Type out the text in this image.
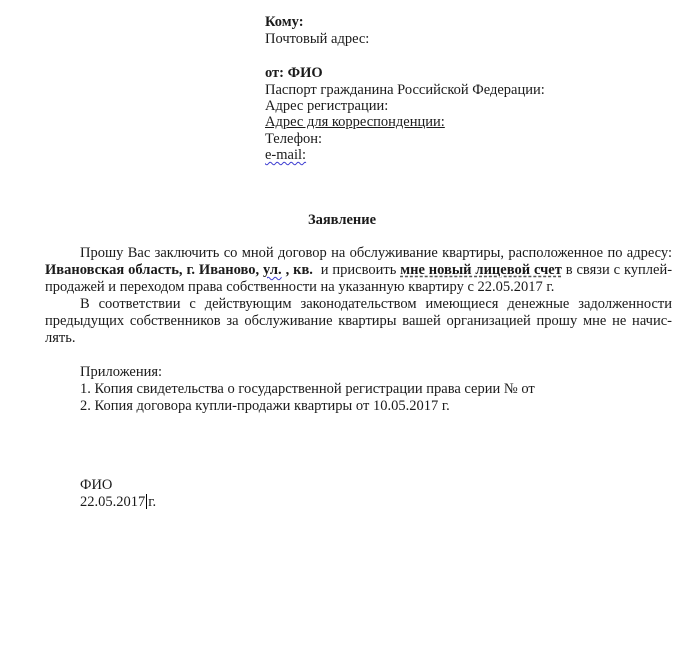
Кому:
Почтовый адрес:
от: ФИО
Паспорт гражданина Российской Федерации:
Адрес регистрации:
Адрес для корреспонденции:
Телефон:
e-mail:
Заявление
Прошу Вас заключить со мной договор на обслуживание квартиры, расположенное по адресу:
Ивановская область, г. Иваново, ул. , кв. и присвоить мне новый лицевой счет в связи с куплей-
продажей и переходом права собственности на указанную квартиру с 22.05.2017 г.
В соответствии с действующим законодательством имеющиеся денежные задолженности
предыдущих собственников за обслуживание квартиры вашей организацией прошу мне не начис-
лять.
Приложения:
1. Копия свидетельства о государственной регистрации права серии № от
2. Копия договора купли-продажи квартиры от 10.05.2017 г.
ФИО
22.05.2017 г.
